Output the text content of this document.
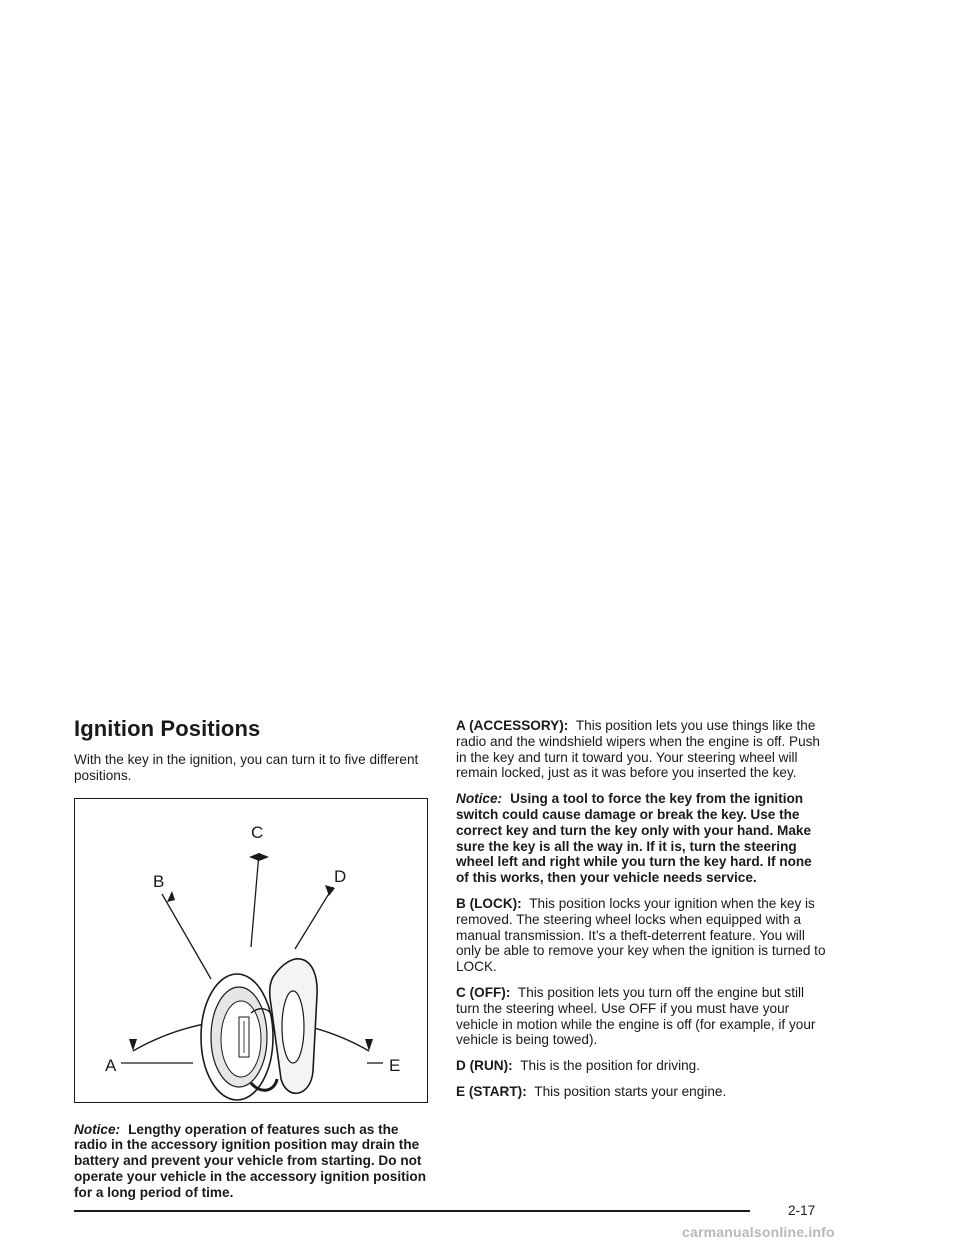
Ignition Positions

With the key in the ignition, you can turn it to five different positions.

A
B
C
D
E

Notice: Lengthy operation of features such as the radio in the accessory ignition position may drain the battery and prevent your vehicle from starting. Do not operate your vehicle in the accessory ignition position for a long period of time.

A (ACCESSORY): This position lets you use things like the radio and the windshield wipers when the engine is off. Push in the key and turn it toward you. Your steering wheel will remain locked, just as it was before you inserted the key.

Notice: Using a tool to force the key from the ignition switch could cause damage or break the key. Use the correct key and turn the key only with your hand. Make sure the key is all the way in. If it is, turn the steering wheel left and right while you turn the key hard. If none of this works, then your vehicle needs service.

B (LOCK): This position locks your ignition when the key is removed. The steering wheel locks when equipped with a manual transmission. It’s a theft-deterrent feature. You will only be able to remove your key when the ignition is turned to LOCK.

C (OFF): This position lets you turn off the engine but still turn the steering wheel. Use OFF if you must have your vehicle in motion while the engine is off (for example, if your vehicle is being towed).

D (RUN): This is the position for driving.

E (START): This position starts your engine.

2-17
carmanualsonline.info
